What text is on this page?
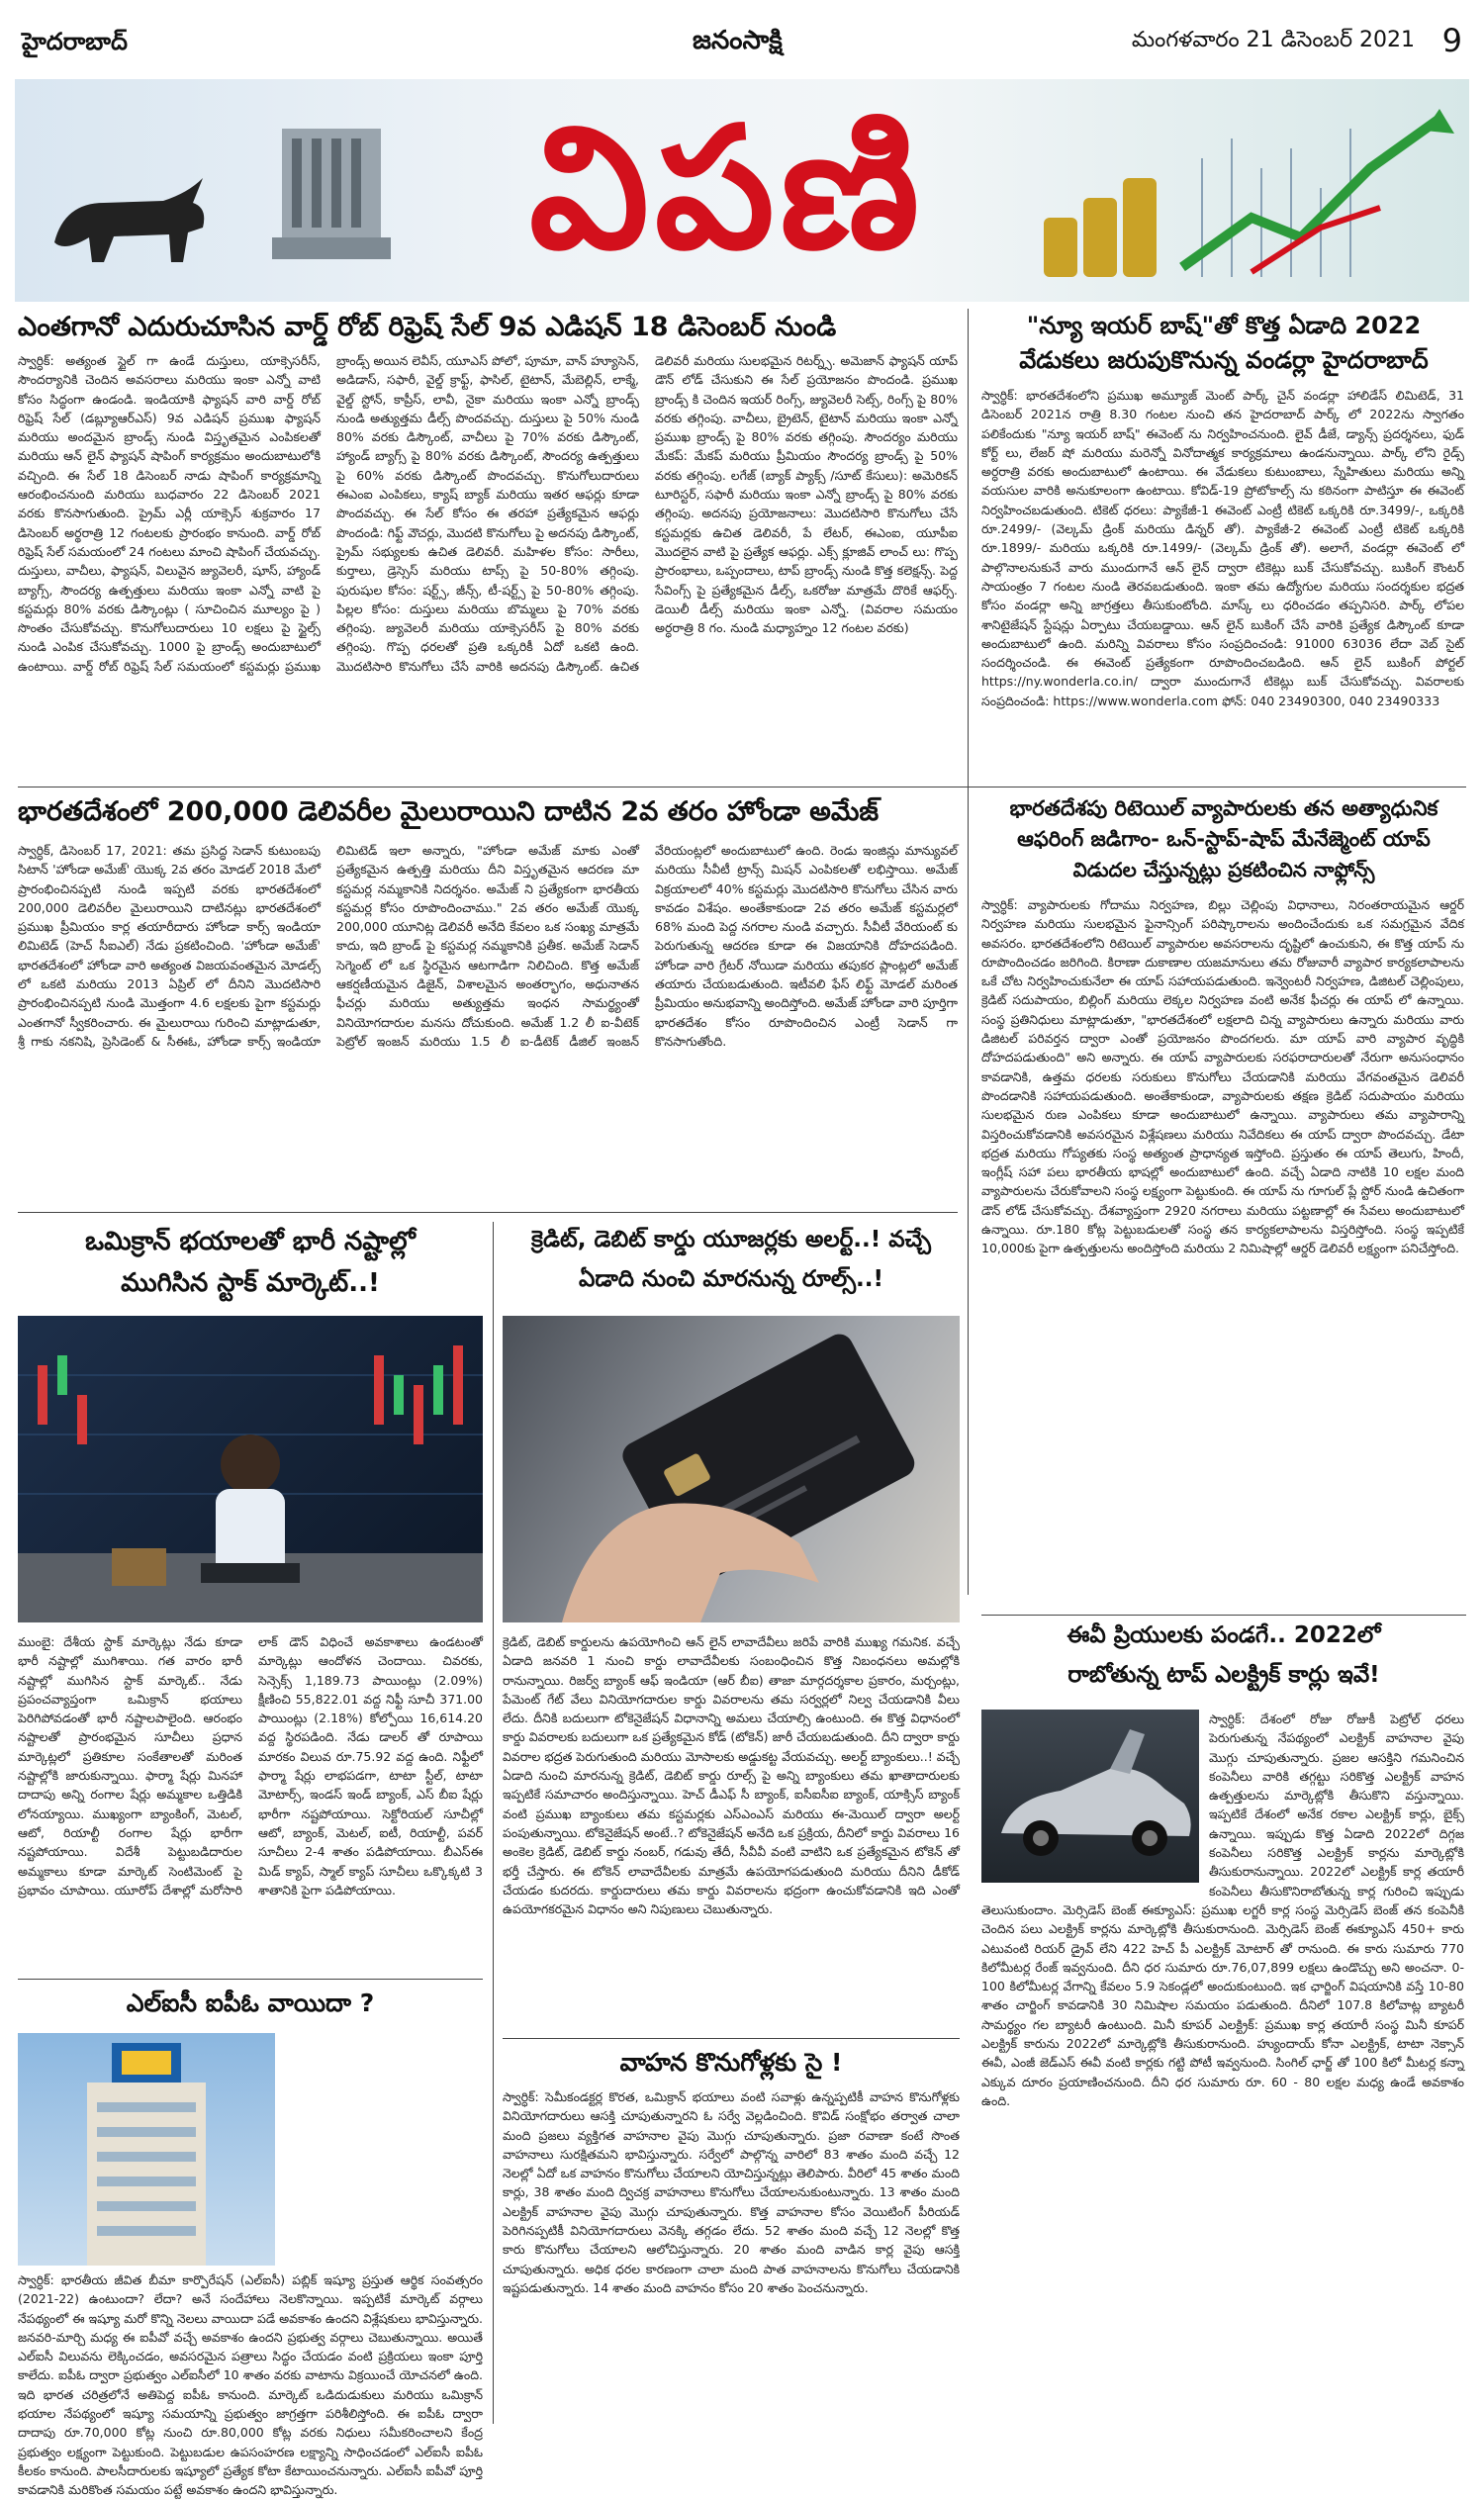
హైదరాబాద్	జనంసాక్షి	మంగళవారం 21 డిసెంబర్ 2021 9
విపణి
ఎంతగానో ఎదురుచూసిన వార్డ్ రోబ్ రిఫ్రెష్ సేల్ 9వ ఎడిషన్ 18 డిసెంబర్ నుండి
స్వార్ధిక్: అత్యంత స్టైల్ గా ఉండే దుస్తులు, యాక్సెసరీస్, సౌందర్యానికి చెందిన అవసరాలు మరియు ఇంకా ఎన్నో వాటి కోసం సిద్ధంగా ఉండండి. ఇండియాకి ఫ్యాషన్ వారి వార్డ్ రోబ్ రిఫ్రెష్ సేల్ (డబ్ల్యూఆర్ఎస్) 9వ ఎడిషన్ ప్రముఖ ఫ్యాషన్ మరియు అందమైన బ్రాండ్స్ నుండి విస్తృతమైన ఎంపికలతో మరియు ఆన్ లైన్ ఫ్యాషన్ షాపింగ్ కార్యక్రమం అందుబాటులోకి వచ్చింది. ఈ సేల్ 18 డిసెంబర్ నాడు షాపింగ్ కార్యక్రమాన్ని ఆరంభించనుంది మరియు బుధవారం 22 డిసెంబర్ 2021 వరకు కొనసాగుతుంది. ప్రైమ్ ఎర్లీ యాక్సెస్ శుక్రవారం 17 డిసెంబర్ అర్థరాత్రి 12 గంటలకు ప్రారంభం కానుంది. వార్డ్ రోబ్ రిఫ్రెష్ సేల్ సమయంలో 24 గంటలు మాంచి షాపింగ్ చేయవచ్చు. దుస్తులు, వాచీలు, ఫ్యాషన్, విలువైన జ్యువెలరీ, షూస్, హ్యాండ్ బ్యాగ్స్, సౌందర్య ఉత్పత్తులు మరియు ఇంకా ఎన్నో వాటి పై కస్టమర్లు 80% వరకు డిస్కౌంట్లు ( సూచించిన మూల్యం పై ) సొంతం చేసుకోవచ్చు. కొనుగోలుదారులు 10 లక్షలు పై స్టైల్స్ నుండి ఎంపిక చేసుకోవచ్చు. 1000 పై బ్రాండ్స్ అందుబాటులో ఉంటాయి. వార్డ్ రోబ్ రిఫ్రెష్ సేల్ సమయంలో కస్టమర్లు ప్రముఖ బ్రాండ్స్ అయిన లెవీస్, యూఎస్ పోలో, పూమా, వాన్ హ్యూసెన్, అడిడాస్, సఫారీ, వైల్డ్ క్రాఫ్ట్, ఫాసిల్, టైటాన్, మేబెల్లిన్, లాక్మే, వైల్డ్ స్టోన్, కాప్రీస్, లావీ, నైకా మరియు ఇంకా ఎన్నో బ్రాండ్స్ నుండి అత్యుత్తమ డీల్స్ పొందవచ్చు. దుస్తులు పై 50% నుండి 80% వరకు డిస్కౌంట్, వాచీలు పై 70% వరకు డిస్కౌంట్, హ్యాండ్ బ్యాగ్స్ పై 80% వరకు డిస్కౌంట్, సౌందర్య ఉత్పత్తులు పై 60% వరకు డిస్కౌంట్ పొందవచ్చు. కొనుగోలుదారులు ఈఎంఐ ఎంపికలు, క్యాష్ బ్యాక్ మరియు ఇతర ఆఫర్లు కూడా పొందవచ్చు. ఈ సేల్ కోసం ఈ తరహా ప్రత్యేకమైన ఆఫర్లు పొందండి: గిఫ్ట్ వౌచర్లు, మొదటి కొనుగోలు పై అదనపు డిస్కౌంట్, ప్రైమ్ సభ్యులకు ఉచిత డెలివరీ. మహిళల కోసం: సారీలు, కుర్తాలు, డ్రెస్సెస్ మరియు టాప్స్ పై 50-80% తగ్గింపు. పురుషుల కోసం: షర్ట్స్, జీన్స్, టీ-షర్ట్స్ పై 50-80% తగ్గింపు. పిల్లల కోసం: దుస్తులు మరియు బొమ్మలు పై 70% వరకు తగ్గింపు. జ్యువెలరీ మరియు యాక్సెసరీస్ పై 80% వరకు తగ్గింపు. గొప్ప ధరలతో ప్రతి ఒక్కరికీ ఏదో ఒకటి ఉంది. మొదటిసారి కొనుగోలు చేసే వారికి అదనపు డిస్కౌంట్. ఉచిత డెలివరీ మరియు సులభమైన రిటర్న్స్. అమెజాన్ ఫ్యాషన్ యాప్ డౌన్ లోడ్ చేసుకుని ఈ సేల్ ప్రయోజనం పొందండి. ప్రముఖ బ్రాండ్స్ కి చెందిన ఇయర్ రింగ్స్, జ్యువెలరీ సెట్స్, రింగ్స్ పై 80% వరకు తగ్గింపు. వాచీలు, బ్రైటెన్, టైటాన్ మరియు ఇంకా ఎన్నో ప్రముఖ బ్రాండ్స్ పై 80% వరకు తగ్గింపు. సౌందర్యం మరియు మేకప్: మేకప్ మరియు ప్రీమియం సౌందర్య బ్రాండ్స్ పై 50% వరకు తగ్గింపు. లగేజ్ (బ్యాక్ ప్యాక్స్ /సూట్ కేసులు): అమెరికన్ టూరిస్టర్, సఫారీ మరియు ఇంకా ఎన్నో బ్రాండ్స్ పై 80% వరకు తగ్గింపు. అదనపు ప్రయోజనాలు: మొదటిసారి కొనుగోలు చేసే కస్టమర్లకు ఉచిత డెలివరీ, పే లేటర్, ఈఎంఐ, యూపీఐ మొదలైన వాటి పై ప్రత్యేక ఆఫర్లు. ఎక్స్ క్లూజివ్ లాంచ్ లు: గొప్ప ప్రారంభాలు, ఒప్పందాలు, టాప్ బ్రాండ్స్ నుండి కొత్త కలెక్షన్స్. పెద్ద సేవింగ్స్ పై ప్రత్యేకమైన డీల్స్, ఒకరోజు మాత్రమే దొరికే ఆఫర్స్. డెయిలీ డీల్స్ మరియు ఇంకా ఎన్నో. (వివరాల సమయం అర్ధరాత్రి 8 గం. నుండి మధ్యాహ్నం 12 గంటల వరకు)
"న్యూ ఇయర్ బాష్"తో కొత్త ఏడాది 2022
వేడుకలు జరుపుకొనున్న వండర్లా హైదరాబాద్
స్వార్ధిక్: భారతదేశంలోని ప్రముఖ అమ్యూజ్ మెంట్ పార్క్ చైన్ వండర్లా హాలిడేస్ లిమిటెడ్, 31 డిసెంబర్ 2021న రాత్రి 8.30 గంటల నుంచి తన హైదరాబాద్ పార్క్ లో 2022ను స్వాగతం పలికేందుకు "న్యూ ఇయర్ బాష్" ఈవెంట్ ను నిర్వహించనుంది. లైవ్ డీజే, డ్యాన్స్ ప్రదర్శనలు, ఫుడ్ కోర్ట్ లు, లేజర్ షో మరియు మరెన్నో వినోదాత్మక కార్యక్రమాలు ఉండనున్నాయి. పార్క్ లోని రైడ్స్ అర్ధరాత్రి వరకు అందుబాటులో ఉంటాయి. ఈ వేడుకలు కుటుంబాలు, స్నేహితులు మరియు అన్ని వయసుల వారికి అనుకూలంగా ఉంటాయి. కోవిడ్-19 ప్రోటోకాల్స్ ను కఠినంగా పాటిస్తూ ఈ ఈవెంట్ నిర్వహించబడుతుంది. టికెట్ ధరలు: ప్యాకేజీ-1 ఈవెంట్ ఎంట్రీ టికెట్ ఒక్కరికి రూ.3499/-, ఒక్కరికి రూ.2499/- (వెల్కమ్ డ్రింక్ మరియు డిన్నర్ తో). ప్యాకేజీ-2 ఈవెంట్ ఎంట్రీ టికెట్ ఒక్కరికి రూ.1899/- మరియు ఒక్కరికి రూ.1499/- (వెల్కమ్ డ్రింక్ తో). అలాగే, వండర్లా ఈవెంట్ లో పాల్గొనాలనుకునే వారు ముందుగానే ఆన్ లైన్ ద్వారా టికెట్లు బుక్ చేసుకోవచ్చు. బుకింగ్ కౌంటర్ సాయంత్రం 7 గంటల నుండి తెరవబడుతుంది. ఇంకా తమ ఉద్యోగుల మరియు సందర్శకుల భద్రత కోసం వండర్లా అన్ని జాగ్రత్తలు తీసుకుంటోంది. మాస్క్ లు ధరించడం తప్పనిసరి. పార్క్ లోపల శానిటైజేషన్ స్టేషన్లు ఏర్పాటు చేయబడ్డాయి. ఆన్ లైన్ బుకింగ్ చేసే వారికి ప్రత్యేక డిస్కౌంట్ కూడా అందుబాటులో ఉంది. మరిన్ని వివరాలు కోసం సంప్రదించండి: 91000 63036 లేదా వెబ్ సైట్ సందర్శించండి. ఈ ఈవెంట్ ప్రత్యేకంగా రూపొందించబడింది. ఆన్ లైన్ బుకింగ్ పోర్టల్ https://ny.wonderla.co.in/ ద్వారా ముందుగానే టికెట్లు బుక్ చేసుకోవచ్చు. వివరాలకు సంప్రదించండి: https://www.wonderla.com ఫోన్: 040 23490300, 040 23490333
భారతదేశంలో 200,000 డెలివరీల మైలురాయిని దాటిన 2వ తరం హోండా అమేజ్
స్వార్ధిక్, డిసెంబర్ 17, 2021: తమ ప్రసిద్ధ సెడాన్ కుటుంబపు సిటాన్ 'హోండా అమేజ్' యొక్క 2వ తరం మోడల్ 2018 మేలో ప్రారంభించినప్పటి నుండి ఇప్పటి వరకు భారతదేశంలో 200,000 డెలివరీల మైలురాయిని దాటినట్లు భారతదేశంలో ప్రముఖ ప్రీమియం కార్ల తయారీదారు హోండా కార్స్ ఇండియా లిమిటెడ్ (హెచ్ సీఐఎల్) నేడు ప్రకటించింది. 'హోండా అమేజ్' భారతదేశంలో హోండా వారి అత్యంత విజయవంతమైన మోడల్స్ లో ఒకటి మరియు 2013 ఏప్రిల్ లో దీనిని మొదటిసారి ప్రారంభించినప్పటి నుండి మొత్తంగా 4.6 లక్షలకు పైగా కస్టమర్లు ఎంతగానో స్వీకరించారు. ఈ మైలురాయి గురించి మాట్లాడుతూ, శ్రీ గాకు నకనిషి, ప్రెసిడెంట్ & సీఈఓ, హోండా కార్స్ ఇండియా లిమిటెడ్ ఇలా అన్నారు, "హోండా అమేజ్ మాకు ఎంతో ప్రత్యేకమైన ఉత్పత్తి మరియు దీని విస్తృతమైన ఆదరణ మా కస్టమర్ల నమ్మకానికి నిదర్శనం. అమేజ్ ని ప్రత్యేకంగా భారతీయ కస్టమర్ల కోసం రూపొందించాము." 2వ తరం అమేజ్ యొక్క 200,000 యూనిట్ల డెలివరీ అనేది కేవలం ఒక సంఖ్య మాత్రమే కాదు, ఇది బ్రాండ్ పై కస్టమర్ల నమ్మకానికి ప్రతీక. అమేజ్ సెడాన్ సెగ్మెంట్ లో ఒక స్థిరమైన ఆటగాడిగా నిలిచింది. కొత్త అమేజ్ ఆకర్షణీయమైన డిజైన్, విశాలమైన అంతర్భాగం, అధునాతన ఫీచర్లు మరియు అత్యుత్తమ ఇంధన సామర్థ్యంతో వినియోగదారుల మనసు దోచుకుంది. అమేజ్ 1.2 లీ ఐ-వీటెక్ పెట్రోల్ ఇంజన్ మరియు 1.5 లీ ఐ-డీటెక్ డీజిల్ ఇంజన్ వేరియంట్లలో అందుబాటులో ఉంది. రెండు ఇంజిన్లు మాన్యువల్ మరియు సీవీటీ ట్రాన్స్ మిషన్ ఎంపికలతో లభిస్తాయి. అమేజ్ విక్రయాలలో 40% కస్టమర్లు మొదటిసారి కొనుగోలు చేసిన వారు కావడం విశేషం. అంతేకాకుండా 2వ తరం అమేజ్ కస్టమర్లలో 68% మంది పెద్ద నగరాల నుండి వచ్చారు. సీవీటీ వేరియంట్ కు పెరుగుతున్న ఆదరణ కూడా ఈ విజయానికి దోహదపడింది. హోండా వారి గ్రేటర్ నోయిడా మరియు తపుకర ప్లాంట్లలో అమేజ్ తయారు చేయబడుతుంది. ఇటీవలి ఫేస్ లిఫ్ట్ మోడల్ మరింత ప్రీమియం అనుభవాన్ని అందిస్తోంది. అమేజ్ హోండా వారి పూర్తిగా భారతదేశం కోసం రూపొందించిన ఎంట్రీ సెడాన్ గా కొనసాగుతోంది.
భారతదేశపు రిటెయిల్ వ్యాపారులకు తన అత్యాధునిక
ఆఫరింగ్ జడిగాం- ఒన్-స్టాప్-షాప్ మేనేజ్మెంట్ యాప్
విడుదల చేస్తున్నట్లు ప్రకటించిన నాఫ్లోన్స్
స్వార్ధిక్: వ్యాపారులకు గోదాము నిర్వహణ, బిల్లు చెల్లింపు విధానాలు, నిరంతరాయమైన ఆర్డర్ నిర్వహణ మరియు సులభమైన ఫైనాన్సింగ్ పరిష్కారాలను అందించేందుకు ఒక సమగ్రమైన వేదిక అవసరం. భారతదేశంలోని రిటెయిల్ వ్యాపారుల అవసరాలను దృష్టిలో ఉంచుకుని, ఈ కొత్త యాప్ ను రూపొందించడం జరిగింది. కిరాణా దుకాణాల యజమానులు తమ రోజువారీ వ్యాపార కార్యకలాపాలను ఒకే చోట నిర్వహించుకునేలా ఈ యాప్ సహాయపడుతుంది. ఇన్వెంటరీ నిర్వహణ, డిజిటల్ చెల్లింపులు, క్రెడిట్ సదుపాయం, బిల్లింగ్ మరియు లెక్కల నిర్వహణ వంటి అనేక ఫీచర్లు ఈ యాప్ లో ఉన్నాయి. సంస్థ ప్రతినిధులు మాట్లాడుతూ, "భారతదేశంలో లక్షలాది చిన్న వ్యాపారులు ఉన్నారు మరియు వారు డిజిటల్ పరివర్తన ద్వారా ఎంతో ప్రయోజనం పొందగలరు. మా యాప్ వారి వ్యాపార వృద్ధికి దోహదపడుతుంది" అని అన్నారు. ఈ యాప్ వ్యాపారులకు సరఫరాదారులతో నేరుగా అనుసంధానం కావడానికి, ఉత్తమ ధరలకు సరుకులు కొనుగోలు చేయడానికి మరియు వేగవంతమైన డెలివరీ పొందడానికి సహాయపడుతుంది. అంతేకాకుండా, వ్యాపారులకు తక్షణ క్రెడిట్ సదుపాయం మరియు సులభమైన రుణ ఎంపికలు కూడా అందుబాటులో ఉన్నాయి. వ్యాపారులు తమ వ్యాపారాన్ని విస్తరించుకోవడానికి అవసరమైన విశ్లేషణలు మరియు నివేదికలు ఈ యాప్ ద్వారా పొందవచ్చు. డేటా భద్రత మరియు గోప్యతకు సంస్థ అత్యంత ప్రాధాన్యత ఇస్తోంది. ప్రస్తుతం ఈ యాప్ తెలుగు, హిందీ, ఇంగ్లీష్ సహా పలు భారతీయ భాషల్లో అందుబాటులో ఉంది. వచ్చే ఏడాది నాటికి 10 లక్షల మంది వ్యాపారులను చేరుకోవాలని సంస్థ లక్ష్యంగా పెట్టుకుంది. ఈ యాప్ ను గూగుల్ ప్లే స్టోర్ నుండి ఉచితంగా డౌన్ లోడ్ చేసుకోవచ్చు. దేశవ్యాప్తంగా 2920 నగరాలు మరియు పట్టణాల్లో ఈ సేవలు అందుబాటులో ఉన్నాయి. రూ.180 కోట్ల పెట్టుబడులతో సంస్థ తన కార్యకలాపాలను విస్తరిస్తోంది. సంస్థ ఇప్పటికే 10,000కు పైగా ఉత్పత్తులను అందిస్తోంది మరియు 2 నిమిషాల్లో ఆర్డర్ డెలివరీ లక్ష్యంగా పనిచేస్తోంది.
ఒమిక్రాన్ భయాలతో భారీ నష్టాల్లో
ముగిసిన స్టాక్ మార్కెట్..!
ముంబై: దేశీయ స్టాక్ మార్కెట్లు నేడు కూడా భారీ నష్టాల్లో ముగిశాయి. గత వారం భారీ నష్టాల్లో ముగిసిన స్టాక్ మార్కెట్.. నేడు ప్రపంచవ్యాప్తంగా ఒమిక్రాన్ భయాలు పెరిగిపోవడంతో భారీ నష్టాలపాలైంది. ఆరంభం నష్టాలతో ప్రారంభమైన సూచీలు ప్రధాన మార్కెట్లలో ప్రతికూల సంకేతాలతో మరింత నష్టాల్లోకి జారుకున్నాయి. ఫార్మా షేర్లు మినహా దాదాపు అన్ని రంగాల షేర్లు అమ్మకాల ఒత్తిడికి లోనయ్యాయి. ముఖ్యంగా బ్యాంకింగ్, మెటల్, ఆటో, రియాల్టీ రంగాల షేర్లు భారీగా నష్టపోయాయి. విదేశీ పెట్టుబడిదారుల అమ్మకాలు కూడా మార్కెట్ సెంటిమెంట్ పై ప్రభావం చూపాయి. యూరోప్ దేశాల్లో మరోసారి లాక్ డౌన్ విధించే అవకాశాలు ఉండటంతో మార్కెట్లు ఆందోళన చెందాయి. చివరకు, సెన్సెక్స్ 1,189.73 పాయింట్లు (2.09%) క్షీణించి 55,822.01 వద్ద నిఫ్టీ సూచీ 371.00 పాయింట్లు (2.18%) కోల్పోయి 16,614.20 వద్ద స్థిరపడింది. నేడు డాలర్ తో రూపాయి మారకం విలువ రూ.75.92 వద్ద ఉంది. నిఫ్టీలో ఫార్మా షేర్లు లాభపడగా, టాటా స్టీల్, టాటా మోటార్స్, ఇండస్ ఇండ్ బ్యాంక్, ఎస్ బీఐ షేర్లు భారీగా నష్టపోయాయి. సెక్టోరియల్ సూచీల్లో ఆటో, బ్యాంక్, మెటల్, ఐటీ, రియాల్టీ, పవర్ సూచీలు 2-4 శాతం పడిపోయాయి. బీఎస్ఈ మిడ్ క్యాప్, స్మాల్ క్యాప్ సూచీలు ఒక్కొక్కటి 3 శాతానికి పైగా పడిపోయాయి.
క్రెడిట్, డెబిట్ కార్డు యూజర్లకు అలర్ట్..! వచ్చే
ఏడాది నుంచి మారనున్న రూల్స్..!
క్రెడిట్, డెబిట్ కార్డులను ఉపయోగించి ఆన్ లైన్ లావాదేవీలు జరిపే వారికి ముఖ్య గమనిక. వచ్చే ఏడాది జనవరి 1 నుంచి కార్డు లావాదేవీలకు సంబంధించిన కొత్త నిబంధనలు అమల్లోకి రానున్నాయి. రిజర్వ్ బ్యాంక్ ఆఫ్ ఇండియా (ఆర్ బీఐ) తాజా మార్గదర్శకాల ప్రకారం, మర్చంట్లు, పేమెంట్ గేట్ వేలు వినియోగదారుల కార్డు వివరాలను తమ సర్వర్లలో నిల్వ చేయడానికి వీలు లేదు. దీనికి బదులుగా టోకెనైజేషన్ విధానాన్ని అమలు చేయాల్సి ఉంటుంది. ఈ కొత్త విధానంలో కార్డు వివరాలకు బదులుగా ఒక ప్రత్యేకమైన కోడ్ (టోకెన్) జారీ చేయబడుతుంది. దీని ద్వారా కార్డు వివరాల భద్రత పెరుగుతుంది మరియు మోసాలకు అడ్డుకట్ట వేయవచ్చు. అలర్ట్ బ్యాంకులు..! వచ్చే ఏడాది నుంచి మారనున్న క్రెడిట్, డెబిట్ కార్డు రూల్స్ పై అన్ని బ్యాంకులు తమ ఖాతాదారులకు ఇప్పటికే సమాచారం అందిస్తున్నాయి. హెచ్ డీఎఫ్ సీ బ్యాంక్, ఐసీఐసీఐ బ్యాంక్, యాక్సిస్ బ్యాంక్ వంటి ప్రముఖ బ్యాంకులు తమ కస్టమర్లకు ఎస్ఎంఎస్ మరియు ఈ-మెయిల్ ద్వారా అలర్ట్ పంపుతున్నాయి. టోకెనైజేషన్ అంటే..? టోకెనైజేషన్ అనేది ఒక ప్రక్రియ, దీనిలో కార్డు వివరాలు 16 అంకెల క్రెడిట్, డెబిట్ కార్డు నంబర్, గడువు తేదీ, సీవీవీ వంటి వాటిని ఒక ప్రత్యేకమైన టోకెన్ తో భర్తీ చేస్తారు. ఈ టోకెన్ లావాదేవీలకు మాత్రమే ఉపయోగపడుతుంది మరియు దీనిని డీకోడ్ చేయడం కుదరదు. కార్డుదారులు తమ కార్డు వివరాలను భద్రంగా ఉంచుకోవడానికి ఇది ఎంతో ఉపయోగకరమైన విధానం అని నిపుణులు చెబుతున్నారు.
ఎల్ఐసీ ఐపీఓ వాయిదా ?
స్వార్ధిక్: భారతీయ జీవిత బీమా కార్పొరేషన్ (ఎల్ఐసీ) పబ్లిక్ ఇష్యూ ప్రస్తుత ఆర్థిక సంవత్సరం (2021-22) ఉంటుందా? లేదా? అనే సందేహాలు నెలకొన్నాయి. ఇప్పటికే మార్కెట్ వర్గాలు నేపథ్యంలో ఈ ఇష్యూ మరో కొన్ని నెలలు వాయిదా పడే అవకాశం ఉందని విశ్లేషకులు భావిస్తున్నారు. జనవరి-మార్చి మధ్య ఈ ఐపీవో వచ్చే అవకాశం ఉందని ప్రభుత్వ వర్గాలు చెబుతున్నాయి. అయితే ఎల్ఐసీ విలువను లెక్కించడం, అవసరమైన పత్రాలు సిద్ధం చేయడం వంటి ప్రక్రియలు ఇంకా పూర్తి కాలేదు. ఐపీఓ ద్వారా ప్రభుత్వం ఎల్ఐసీలో 10 శాతం వరకు వాటాను విక్రయించే యోచనలో ఉంది. ఇది భారత చరిత్రలోనే అతిపెద్ద ఐపీఓ కానుంది. మార్కెట్ ఒడిదుడుకులు మరియు ఒమిక్రాన్ భయాల నేపథ్యంలో ఇష్యూ సమయాన్ని ప్రభుత్వం జాగ్రత్తగా పరిశీలిస్తోంది. ఈ ఐపీఓ ద్వారా దాదాపు రూ.70,000 కోట్ల నుంచి రూ.80,000 కోట్ల వరకు నిధులు సమీకరించాలని కేంద్ర ప్రభుత్వం లక్ష్యంగా పెట్టుకుంది. పెట్టుబడుల ఉపసంహరణ లక్ష్యాన్ని సాధించడంలో ఎల్ఐసీ ఐపీఓ కీలకం కానుంది. పాలసీదారులకు ఇష్యూలో ప్రత్యేక కోటా కేటాయించనున్నారు. ఎల్ఐసీ ఐపీవో పూర్తి కావడానికి మరికొంత సమయం పట్టే అవకాశం ఉందని భావిస్తున్నారు.
వాహన కొనుగోళ్లకు సై !
స్వార్ధిక్: సెమీకండక్టర్ల కొరత, ఒమిక్రాన్ భయాలు వంటి సవాళ్లు ఉన్నప్పటికీ వాహన కొనుగోళ్లకు వినియోగదారులు ఆసక్తి చూపుతున్నారని ఓ సర్వే వెల్లడించింది. కొవిడ్ సంక్షోభం తర్వాత చాలా మంది ప్రజలు వ్యక్తిగత వాహనాల వైపు మొగ్గు చూపుతున్నారు. ప్రజా రవాణా కంటే సొంత వాహనాలు సురక్షితమని భావిస్తున్నారు. సర్వేలో పాల్గొన్న వారిలో 83 శాతం మంది వచ్చే 12 నెలల్లో ఏదో ఒక వాహనం కొనుగోలు చేయాలని యోచిస్తున్నట్లు తెలిపారు. వీరిలో 45 శాతం మంది కార్లు, 38 శాతం మంది ద్విచక్ర వాహనాలు కొనుగోలు చేయాలనుకుంటున్నారు. 13 శాతం మంది ఎలక్ట్రిక్ వాహనాల వైపు మొగ్గు చూపుతున్నారు. కొత్త వాహనాల కోసం వెయిటింగ్ పీరియడ్ పెరిగినప్పటికీ వినియోగదారులు వెనక్కి తగ్గడం లేదు. 52 శాతం మంది వచ్చే 12 నెలల్లో కొత్త కారు కొనుగోలు చేయాలని ఆలోచిస్తున్నారు. 20 శాతం మంది వాడిన కార్ల వైపు ఆసక్తి చూపుతున్నారు. అధిక ధరల కారణంగా చాలా మంది పాత వాహనాలను కొనుగోలు చేయడానికి ఇష్టపడుతున్నారు. 14 శాతం మంది వాహనం కోసం 20 శాతం పెంచనున్నారు.
ఈవీ ప్రియులకు పండగే.. 2022లో
రాబోతున్న టాప్ ఎలక్ట్రిక్ కార్లు ఇవే!
స్వార్ధిక్: దేశంలో రోజు రోజుకీ పెట్రోల్ ధరలు పెరుగుతున్న నేపథ్యంలో ఎలక్ట్రిక్ వాహనాల వైపు మొగ్గు చూపుతున్నారు. ప్రజల ఆసక్తిని గమనించిన కంపెనీలు వారికి తగ్గట్టు సరికొత్త ఎలక్ట్రిక్ వాహన ఉత్పత్తులను మార్కెట్లోకి తీసుకొని వస్తున్నాయి. ఇప్పటికే దేశంలో అనేక రకాల ఎలక్ట్రిక్ కార్లు, బైక్స్ ఉన్నాయి. ఇప్పుడు కొత్త ఏడాది 2022లో దిగ్గజ కంపెనీలు సరికొత్త ఎలక్ట్రిక్ కార్లను మార్కెట్లోకి తీసుకురానున్నాయి. 2022లో ఎలక్ట్రిక్ కార్ల తయారీ కంపెనీలు తీసుకొనిరాబోతున్న కార్ల గురించి ఇప్పుడు తెలుసుకుందాం. మెర్సిడెస్ బెంజ్ ఈక్యూఎస్: ప్రముఖ లగ్జరీ కార్ల సంస్థ మెర్సిడెస్ బెంజ్ తన కంపెనీకి చెందిన పలు ఎలక్ట్రిక్ కార్లను మార్కెట్లోకి తీసుకురానుంది. మెర్సిడెస్ బెంజ్ ఈక్యూఎస్ 450+ కారు ఎటువంటి రియర్ డ్రైవ్ లేని 422 హెచ్ పీ ఎలక్ట్రిక్ మోటార్ తో రానుంది. ఈ కారు సుమారు 770 కిలోమీటర్ల రేంజ్ ఇవ్వనుంది. దీని ధర సుమారు రూ.76,07,899 లక్షలు ఉండొచ్చు అని అంచనా. 0-100 కిలోమీటర్ల వేగాన్ని కేవలం 5.9 సెకండ్లలో అందుకుంటుంది. ఇక ఛార్జింగ్ విషయానికి వస్తే 10-80 శాతం చార్జింగ్ కావడానికి 30 నిమిషాల సమయం పడుతుంది. దీనిలో 107.8 కిలోవాట్ల బ్యాటరీ సామర్థ్యం గల బ్యాటరీ ఉంటుంది. మినీ కూపర్ ఎలక్ట్రిక్: ప్రముఖ కార్ల తయారీ సంస్థ మినీ కూపర్ ఎలక్ట్రిక్ కారును 2022లో మార్కెట్లోకి తీసుకురానుంది. హ్యుందాయ్ కోనా ఎలక్ట్రిక్, టాటా నెక్సాన్ ఈవీ, ఎంజీ జెడ్ఎస్ ఈవీ వంటి కార్లకు గట్టి పోటీ ఇవ్వనుంది. సింగిల్ ఛార్జ్ తో 100 కిలో మీటర్ల కన్నా ఎక్కువ దూరం ప్రయాణించనుంది. దీని ధర సుమారు రూ. 60 - 80 లక్షల మధ్య ఉండే అవకాశం ఉంది.
